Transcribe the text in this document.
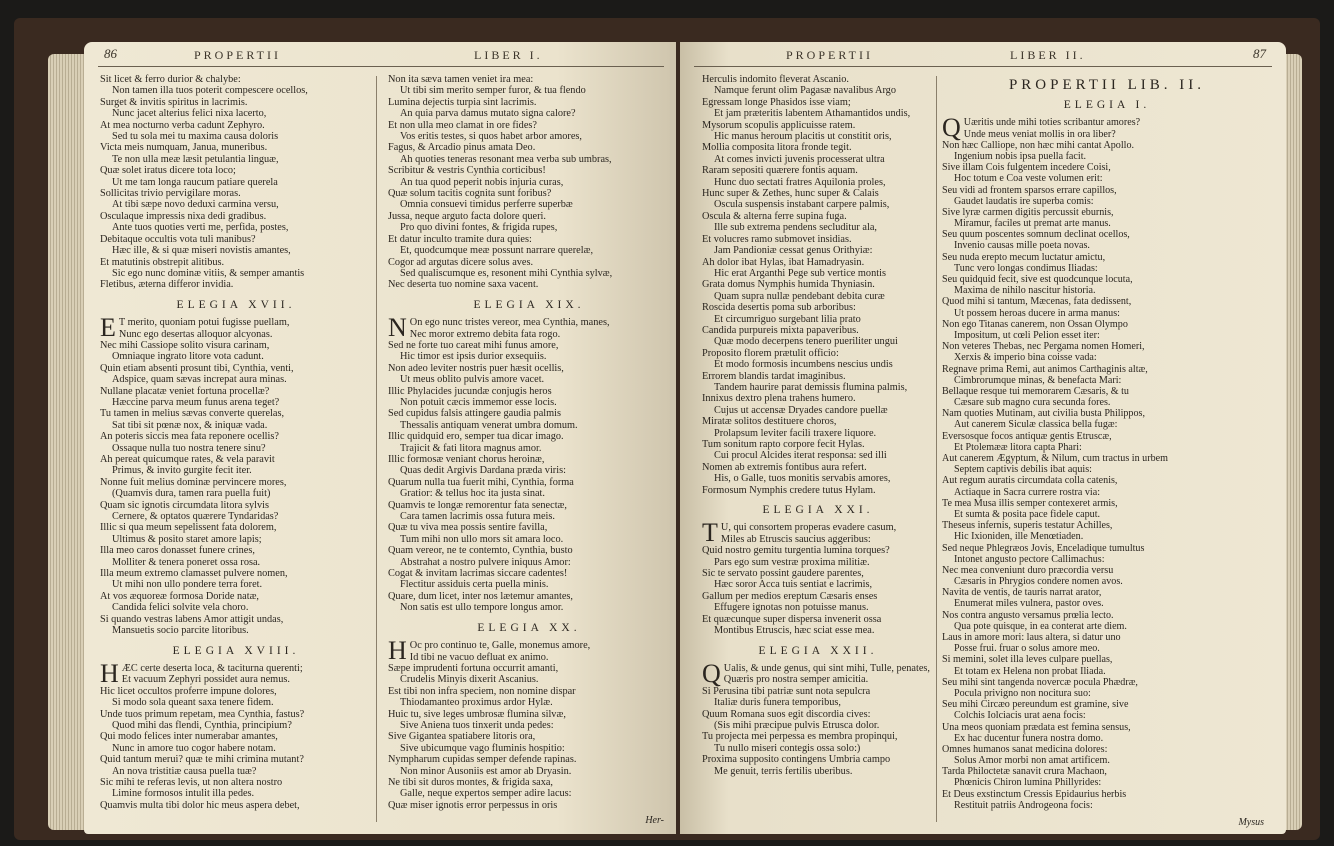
86	PROPERTII	LIBER I.
Sit licet & ferro durior & chalybe:
Non tamen illa tuos poterit compescere ocellos,
Surget & invitis spiritus in lacrimis.
Nunc jacet alterius felici nixa lacerto,
At mea nocturno verba cadunt Zephyro.
Sed tu sola mei tu maxima causa doloris
Victa meis numquam, Janua, muneribus.
Te non ulla meæ læsit petulantia linguæ,
Quæ solet iratus dicere tota loco;
Ut me tam longa raucum patiare querela
Sollicitas trivio pervigilare moras.
At tibi sæpe novo deduxi carmina versu,
Osculaque impressis nixa dedi gradibus.
Ante tuos quoties verti me, perfida, postes,
Debitaque occultis vota tuli manibus?
Hæc ille, & si quæ miseri novistis amantes,
Et matutinis obstrepit alitibus.
Sic ego nunc dominæ vitiis, & semper amantis
Fletibus, æterna differor invidia.
ELEGIA XVII.
E T merito, quoniam potui fugisse puellam,
Nunc ego desertas alloquor alcyonas.
Nec mihi Cassiope solito visura carinam,
Omniaque ingrato litore vota cadunt.
Quin etiam absenti prosunt tibi, Cynthia, venti,
Adspice, quam sævas increpat aura minas.
Nullane placatæ veniet fortuna procellæ?
Hæccine parva meum funus arena teget?
Tu tamen in melius sævas converte querelas,
Sat tibi sit pœnæ nox, & iniquæ vada.
An poteris siccis mea fata reponere ocellis?
Ossaque nulla tuo nostra tenere sinu?
Ah pereat quicumque rates, & vela paravit
Primus, & invito gurgite fecit iter.
Nonne fuit melius dominæ pervincere mores,
(Quamvis dura, tamen rara puella fuit)
Quam sic ignotis circumdata litora sylvis
Cernere, & optatos quærere Tyndaridas?
Illic si qua meum sepelissent fata dolorem,
Ultimus & posito staret amore lapis;
Illa meo caros donasset funere crines,
Molliter & tenera poneret ossa rosa.
Illa meum extremo clamasset pulvere nomen,
Ut mihi non ullo pondere terra foret.
At vos æquoreæ formosa Doride natæ,
Candida felici solvite vela choro.
Si quando vestras labens Amor attigit undas,
Mansuetis socio parcite litoribus.
ELEGIA XVIII.
H ÆC certe deserta loca, & taciturna querenti;
Et vacuum Zephyri possidet aura nemus.
Hic licet occultos proferre impune dolores,
Si modo sola queant saxa tenere fidem.
Unde tuos primum repetam, mea Cynthia, fastus?
Quod mihi das flendi, Cynthia, principium?
Qui modo felices inter numerabar amantes,
Nunc in amore tuo cogor habere notam.
Quid tantum merui? quæ te mihi crimina mutant?
An nova tristitiæ causa puella tuæ?
Sic mihi te referas levis, ut non altera nostro
Limine formosos intulit illa pedes.
Quamvis multa tibi dolor hic meus aspera debet,
Non ita sæva tamen veniet ira mea:
Ut tibi sim merito semper furor, & tua flendo
Lumina dejectis turpia sint lacrimis.
An quia parva damus mutato signa calore?
Et non ulla meo clamat in ore fides?
Vos eritis testes, si quos habet arbor amores,
Fagus, & Arcadio pinus amata Deo.
Ah quoties teneras resonant mea verba sub umbras,
Scribitur & vestris Cynthia corticibus!
An tua quod peperit nobis injuria curas,
Quæ solum tacitis cognita sunt foribus?
Omnia consuevi timidus perferre superbæ
Jussa, neque arguto facta dolore queri.
Pro quo divini fontes, & frigida rupes,
Et datur inculto tramite dura quies:
Et, quodcumque meæ possunt narrare querelæ,
Cogor ad argutas dicere solus aves.
Sed qualiscumque es, resonent mihi Cynthia sylvæ,
Nec deserta tuo nomine saxa vacent.
ELEGIA XIX.
N On ego nunc tristes vereor, mea Cynthia, manes,
Nec moror extremo debita fata rogo.
Sed ne forte tuo careat mihi funus amore,
Hic timor est ipsis durior exsequiis.
Non adeo leviter nostris puer hæsit ocellis,
Ut meus oblito pulvis amore vacet.
Illic Phylacides jucundæ conjugis heros
Non potuit cæcis immemor esse locis.
Sed cupidus falsis attingere gaudia palmis
Thessalis antiquam venerat umbra domum.
Illic quidquid ero, semper tua dicar imago.
Trajicit & fati litora magnus amor.
Illic formosæ veniant chorus heroinæ,
Quas dedit Argivis Dardana præda viris:
Quarum nulla tua fuerit mihi, Cynthia, forma
Gratior: & tellus hoc ita justa sinat.
Quamvis te longæ remorentur fata senectæ,
Cara tamen lacrimis ossa futura meis.
Quæ tu viva mea possis sentire favilla,
Tum mihi non ullo mors sit amara loco.
Quam vereor, ne te contemto, Cynthia, busto
Abstrahat a nostro pulvere iniquus Amor:
Cogat & invitam lacrimas siccare cadentes!
Flectitur assiduis certa puella minis.
Quare, dum licet, inter nos lætemur amantes,
Non satis est ullo tempore longus amor.
ELEGIA XX.
H Oc pro continuo te, Galle, monemus amore,
Id tibi ne vacuo defluat ex animo.
Sæpe imprudenti fortuna occurrit amanti,
Crudelis Minyis dixerit Ascanius.
Est tibi non infra speciem, non nomine dispar
Thiodamanteo proximus ardor Hylæ.
Huic tu, sive leges umbrosæ flumina silvæ,
Sive Aniena tuos tinxerit unda pedes:
Sive Gigantea spatiabere litoris ora,
Sive ubicumque vago fluminis hospitio:
Nympharum cupidas semper defende rapinas.
Non minor Ausoniis est amor ab Dryasin.
Ne tibi sit duros montes, & frigida saxa,
Galle, neque expertos semper adire lacus:
Quæ miser ignotis error perpessus in oris
Her-
PROPERTII	LIBER II.	87
Herculis indomito fleverat Ascanio.
Namque ferunt olim Pagasæ navalibus Argo
Egressam longe Phasidos isse viam;
Et jam præteritis labentem Athamantidos undis,
Mysorum scopulis applicuisse ratem.
Hic manus heroum placitis ut constitit oris,
Mollia composita litora fronde tegit.
At comes invicti juvenis processerat ultra
Raram sepositi quærere fontis aquam.
Hunc duo sectati fratres Aquilonia proles,
Hunc super & Zethes, hunc super & Calais
Oscula suspensis instabant carpere palmis,
Oscula & alterna ferre supina fuga.
Ille sub extrema pendens secluditur ala,
Et volucres ramo submovet insidias.
Jam Pandioniæ cessat genus Orithyiæ:
Ah dolor ibat Hylas, ibat Hamadryasin.
Hic erat Arganthi Pege sub vertice montis
Grata domus Nymphis humida Thyniasin.
Quam supra nullæ pendebant debita curæ
Roscida desertis poma sub arboribus:
Et circumriguo surgebant lilia prato
Candida purpureis mixta papaveribus.
Quæ modo decerpens tenero pueriliter ungui
Proposito florem prætulit officio:
Et modo formosis incumbens nescius undis
Errorem blandis tardat imaginibus.
Tandem haurire parat demissis flumina palmis,
Innixus dextro plena trahens humero.
Cujus ut accensæ Dryades candore puellæ
Miratæ solitos destituere choros,
Prolapsum leviter facili traxere liquore.
Tum sonitum rapto corpore fecit Hylas.
Cui procul Alcides iterat responsa: sed illi
Nomen ab extremis fontibus aura refert.
His, o Galle, tuos monitis servabis amores,
Formosum Nymphis credere tutus Hylam.
ELEGIA XXI.
T U, qui consortem properas evadere casum,
Miles ab Etruscis saucius aggeribus:
Quid nostro gemitu turgentia lumina torques?
Pars ego sum vestræ proxima militiæ.
Sic te servato possint gaudere parentes,
Hæc soror Acca tuis sentiat e lacrimis,
Gallum per medios ereptum Cæsaris enses
Effugere ignotas non potuisse manus.
Et quæcunque super dispersa invenerit ossa
Montibus Etruscis, hæc sciat esse mea.
ELEGIA XXII.
Q Ualis, & unde genus, qui sint mihi, Tulle, penates,
Quæris pro nostra semper amicitia.
Si Perusina tibi patriæ sunt nota sepulcra
Italiæ duris funera temporibus,
Quum Romana suos egit discordia cives:
(Sis mihi præcipue pulvis Etrusca dolor.
Tu projecta mei perpessa es membra propinqui,
Tu nullo miseri contegis ossa solo:)
Proxima supposito contingens Umbria campo
Me genuit, terris fertilis uberibus.
PROPERTII LIB. II.
ELEGIA I.
Q Uæritis unde mihi toties scribantur amores?
Unde meus veniat mollis in ora liber?
Non hæc Calliope, non hæc mihi cantat Apollo.
Ingenium nobis ipsa puella facit.
Sive illam Cois fulgentem incedere Coisi,
Hoc totum e Coa veste volumen erit:
Seu vidi ad frontem sparsos errare capillos,
Gaudet laudatis ire superba comis:
Sive lyræ carmen digitis percussit eburnis,
Miramur, faciles ut premat arte manus.
Seu quum poscentes somnum declinat ocellos,
Invenio causas mille poeta novas.
Seu nuda erepto mecum luctatur amictu,
Tunc vero longas condimus Iliadas:
Seu quidquid fecit, sive est quodcunque locuta,
Maxima de nihilo nascitur historia.
Quod mihi si tantum, Mæcenas, fata dedissent,
Ut possem heroas ducere in arma manus:
Non ego Titanas canerem, non Ossan Olympo
Impositum, ut cœli Pelion esset iter:
Non veteres Thebas, nec Pergama nomen Homeri,
Xerxis & imperio bina coisse vada:
Regnave prima Remi, aut animos Carthaginis altæ,
Cimbrorumque minas, & benefacta Mari:
Bellaque resque tui memorarem Cæsaris, & tu
Cæsare sub magno cura secunda fores.
Nam quoties Mutinam, aut civilia busta Philippos,
Aut canerem Siculæ classica bella fugæ:
Eversosque focos antiquæ gentis Etruscæ,
Et Ptolemææ litora capta Phari:
Aut canerem Ægyptum, & Nilum, cum tractus in urbem
Septem captivis debilis ibat aquis:
Aut regum auratis circumdata colla catenis,
Actiaque in Sacra currere rostra via:
Te mea Musa illis semper contexeret armis,
Et sumta & posita pace fidele caput.
Theseus infernis, superis testatur Achilles,
Hic Ixioniden, ille Menœtiaden.
Sed neque Phlegræos Jovis, Enceladique tumultus
Intonet angusto pectore Callimachus:
Nec mea conveniunt duro præcordia versu
Cæsaris in Phrygios condere nomen avos.
Navita de ventis, de tauris narrat arator,
Enumerat miles vulnera, pastor oves.
Nos contra angusto versamus prœlia lecto.
Qua pote quisque, in ea conterat arte diem.
Laus in amore mori: laus altera, si datur uno
Posse frui. fruar o solus amore meo.
Si memini, solet illa leves culpare puellas,
Et totam ex Helena non probat Iliada.
Seu mihi sint tangenda novercæ pocula Phædræ,
Pocula privigno non nocitura suo:
Seu mihi Circæo pereundum est gramine, sive
Colchis Iolciacis urat aena focis:
Una meos quoniam prædata est femina sensus,
Ex hac ducentur funera nostra domo.
Omnes humanos sanat medicina dolores:
Solus Amor morbi non amat artificem.
Tarda Philoctetæ sanavit crura Machaon,
Phœnicis Chiron lumina Phillyrides:
Et Deus exstinctum Cressis Epidaurius herbis
Restituit patriis Androgeona focis:
Mysus
